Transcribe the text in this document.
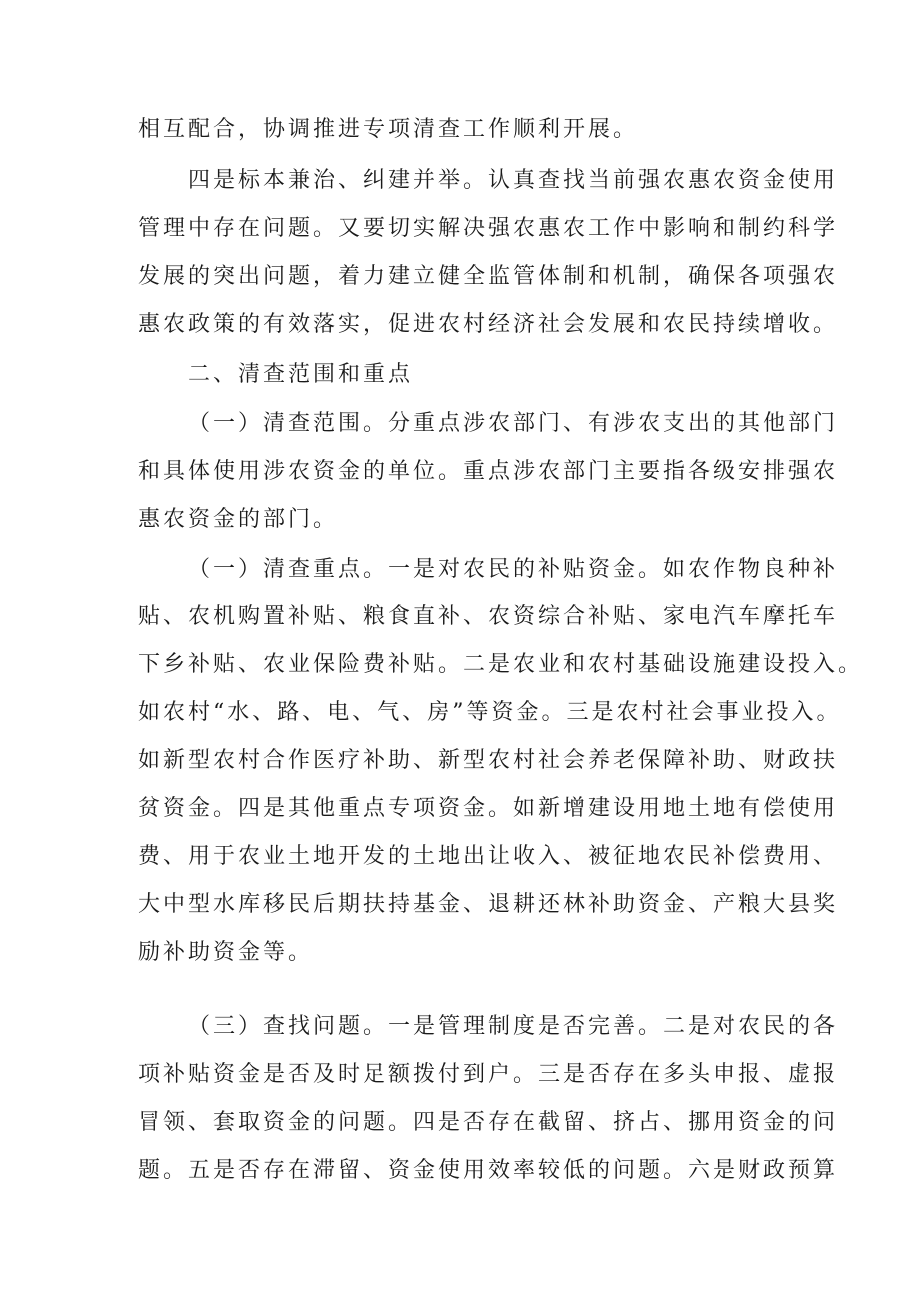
相互配合，协调推进专项清查工作顺利开展。
四是标本兼治、纠建并举。认真查找当前强农惠农资金使用
管理中存在问题。又要切实解决强农惠农工作中影响和制约科学
发展的突出问题，着力建立健全监管体制和机制，确保各项强农
惠农政策的有效落实，促进农村经济社会发展和农民持续增收。
二、清查范围和重点
（一）清查范围。分重点涉农部门、有涉农支出的其他部门
和具体使用涉农资金的单位。重点涉农部门主要指各级安排强农
惠农资金的部门。
（一）清查重点。一是对农民的补贴资金。如农作物良种补
贴、农机购置补贴、粮食直补、农资综合补贴、家电汽车摩托车
下乡补贴、农业保险费补贴。二是农业和农村基础设施建设投入。
如农村“水、路、电、气、房”等资金。三是农村社会事业投入。
如新型农村合作医疗补助、新型农村社会养老保障补助、财政扶
贫资金。四是其他重点专项资金。如新增建设用地土地有偿使用
费、用于农业土地开发的土地出让收入、被征地农民补偿费用、
大中型水库移民后期扶持基金、退耕还林补助资金、产粮大县奖
励补助资金等。
（三）查找问题。一是管理制度是否完善。二是对农民的各
项补贴资金是否及时足额拨付到户。三是否存在多头申报、虚报
冒领、套取资金的问题。四是否存在截留、挤占、挪用资金的问
题。五是否存在滞留、资金使用效率较低的问题。六是财政预算
